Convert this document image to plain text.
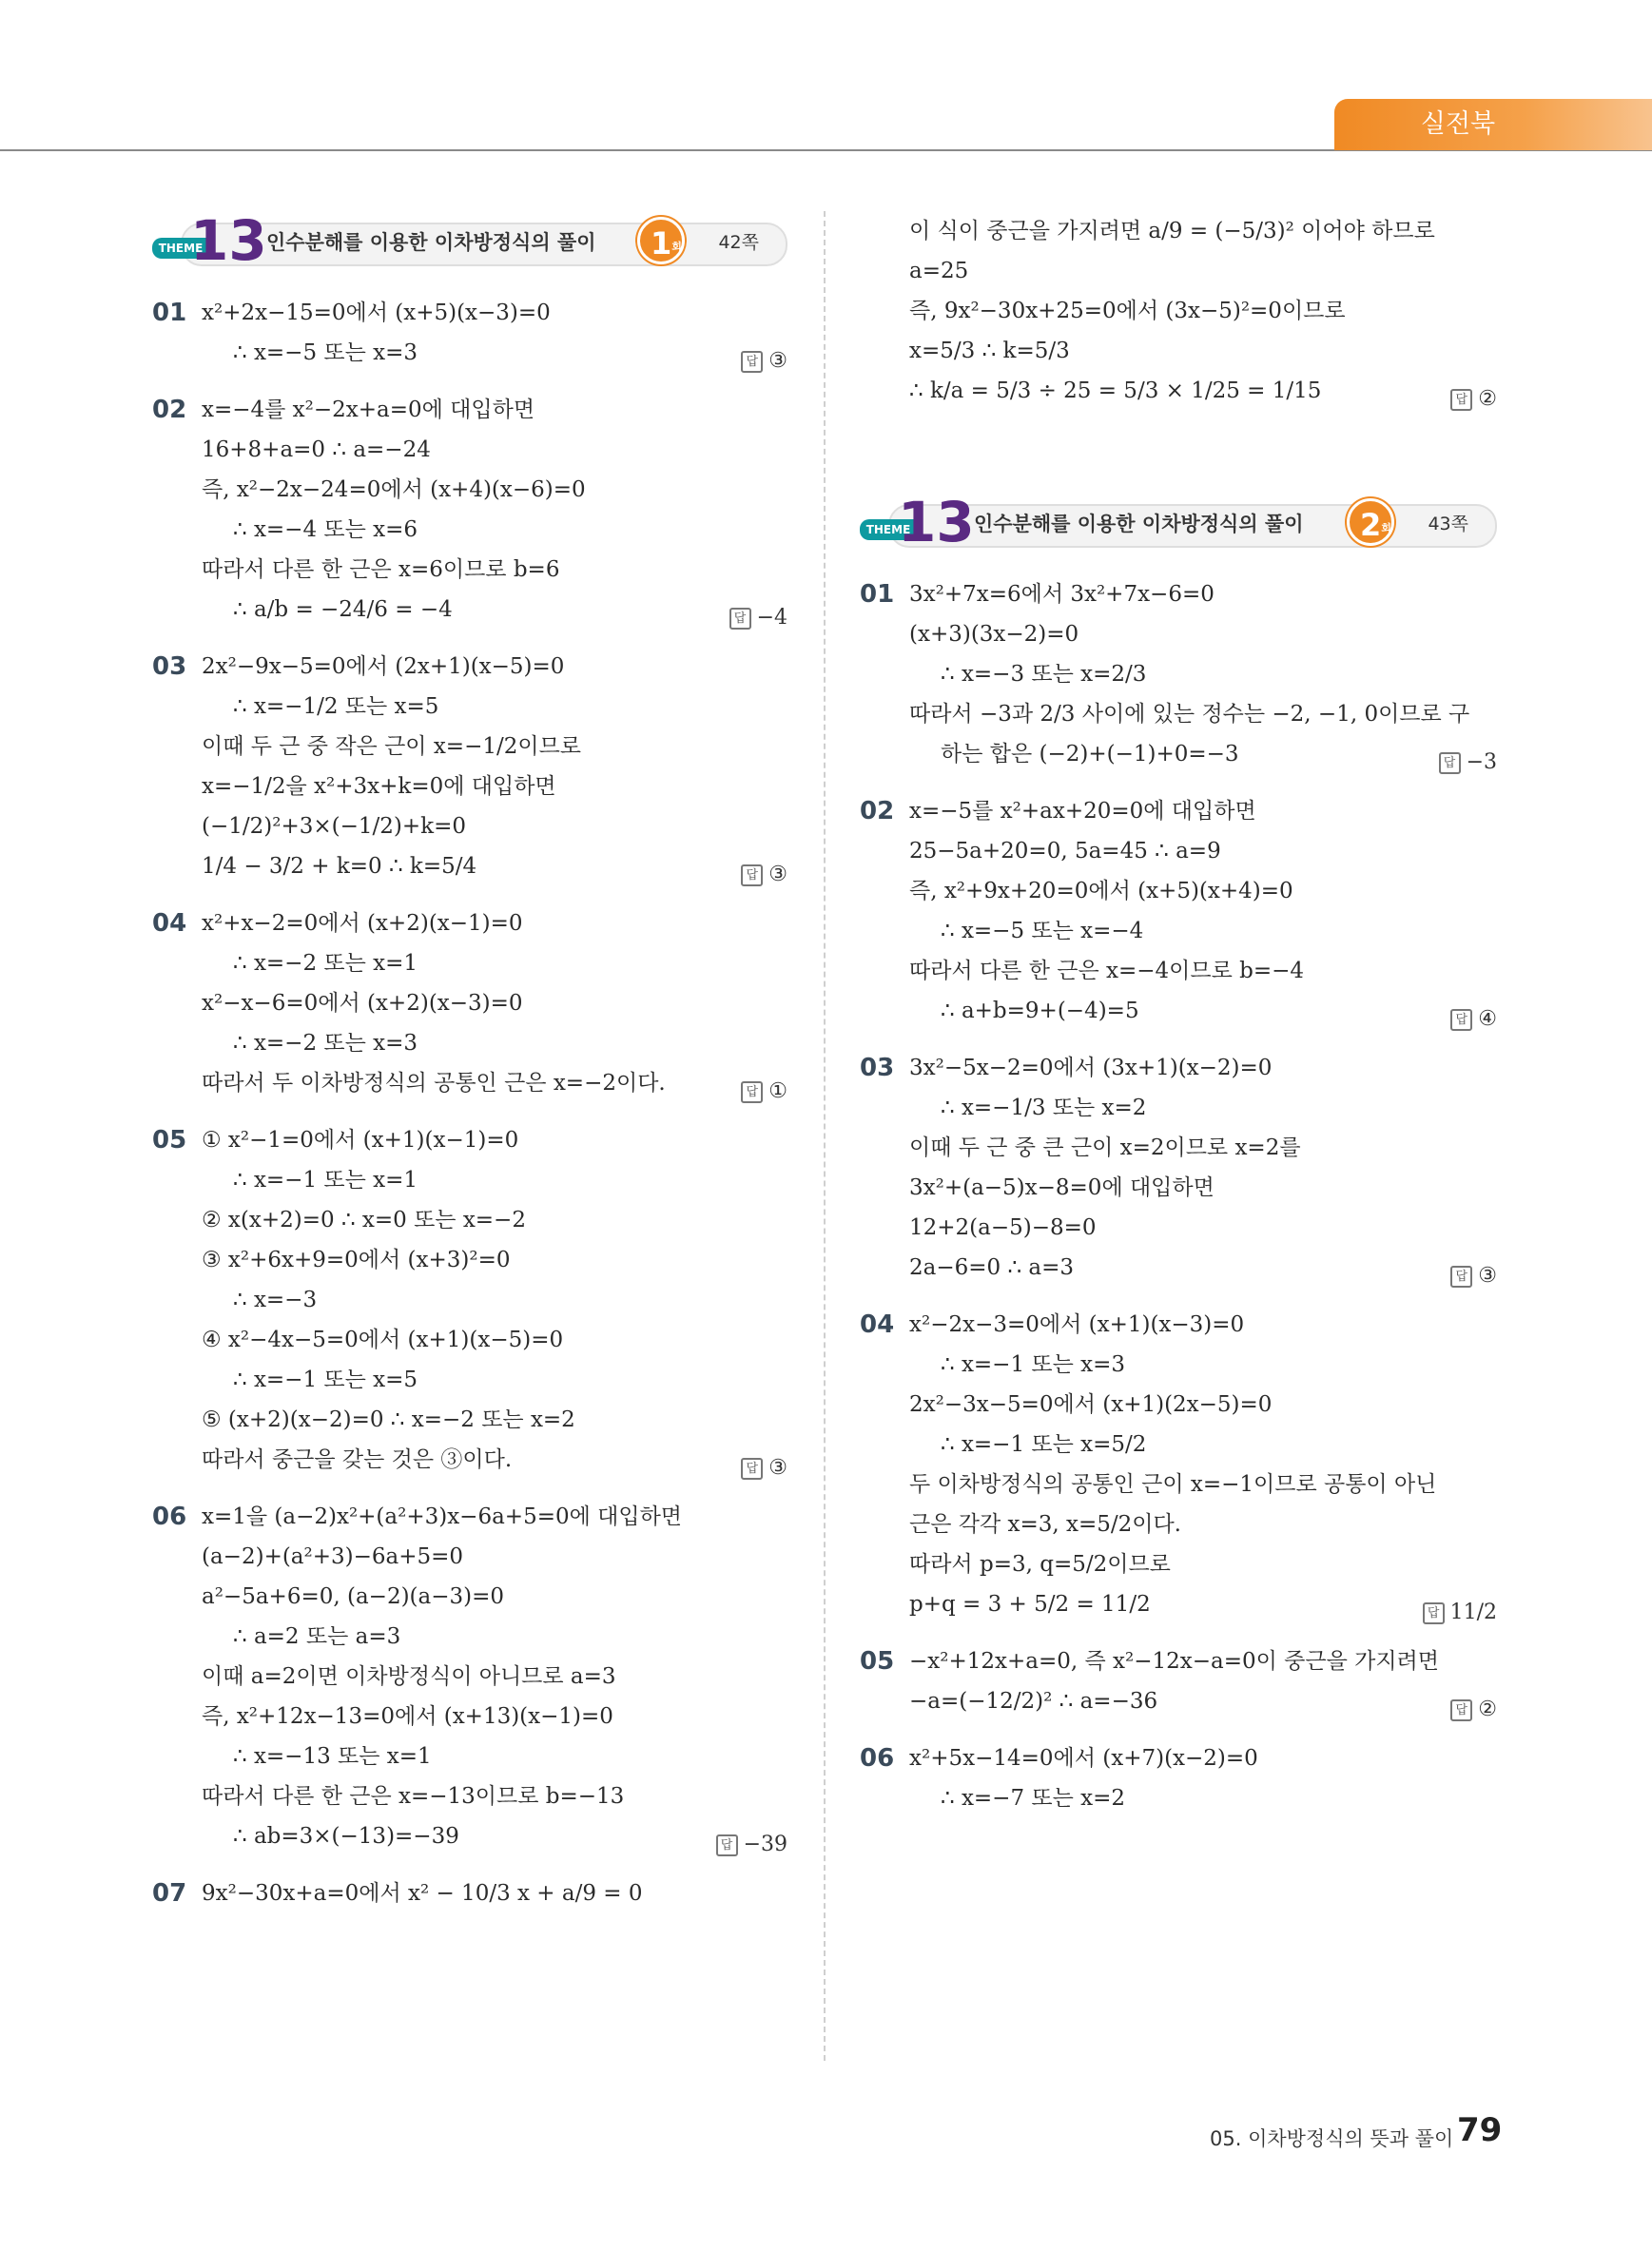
실전북
THEME
13 인수분해를 이용한 이차방정식의 풀이	1회 42쪽
01 x²+2x−15=0에서 (x+5)(x−3)=0
∴ x=−5 또는 x=3	답 ③
02 x=−4를 x²−2x+a=0에 대입하면
16+8+a=0 ∴ a=−24
즉, x²−2x−24=0에서 (x+4)(x−6)=0
∴ x=−4 또는 x=6
따라서 다른 한 근은 x=6이므로 b=6
∴ a/b = −24/6 = −4	답 −4
03 2x²−9x−5=0에서 (2x+1)(x−5)=0
∴ x=−1/2 또는 x=5
이때 두 근 중 작은 근이 x=−1/2이므로
x=−1/2을 x²+3x+k=0에 대입하면
(−1/2)²+3×(−1/2)+k=0
1/4 − 3/2 + k=0 ∴ k=5/4	답 ③
04 x²+x−2=0에서 (x+2)(x−1)=0
∴ x=−2 또는 x=1
x²−x−6=0에서 (x+2)(x−3)=0
∴ x=−2 또는 x=3
따라서 두 이차방정식의 공통인 근은 x=−2이다.	답 ①
05 ① x²−1=0에서 (x+1)(x−1)=0
∴ x=−1 또는 x=1
② x(x+2)=0 ∴ x=0 또는 x=−2
③ x²+6x+9=0에서 (x+3)²=0
∴ x=−3
④ x²−4x−5=0에서 (x+1)(x−5)=0
∴ x=−1 또는 x=5
⑤ (x+2)(x−2)=0 ∴ x=−2 또는 x=2
따라서 중근을 갖는 것은 ③이다.	답 ③
06 x=1을 (a−2)x²+(a²+3)x−6a+5=0에 대입하면
(a−2)+(a²+3)−6a+5=0
a²−5a+6=0, (a−2)(a−3)=0
∴ a=2 또는 a=3
이때 a=2이면 이차방정식이 아니므로 a=3
즉, x²+12x−13=0에서 (x+13)(x−1)=0
∴ x=−13 또는 x=1
따라서 다른 한 근은 x=−13이므로 b=−13
∴ ab=3×(−13)=−39	답 −39
07 9x²−30x+a=0에서 x² − 10/3 x + a/9 = 0
이 식이 중근을 가지려면 a/9 = (−5/3)² 이어야 하므로
a=25
즉, 9x²−30x+25=0에서 (3x−5)²=0이므로
x=5/3 ∴ k=5/3
∴ k/a = 5/3 ÷ 25 = 5/3 × 1/25 = 1/15	답 ②
THEME
13 인수분해를 이용한 이차방정식의 풀이	2회 43쪽
01 3x²+7x=6에서 3x²+7x−6=0
(x+3)(3x−2)=0
∴ x=−3 또는 x=2/3
따라서 −3과 2/3 사이에 있는 정수는 −2, −1, 0이므로 구
하는 합은 (−2)+(−1)+0=−3	답 −3
02 x=−5를 x²+ax+20=0에 대입하면
25−5a+20=0, 5a=45 ∴ a=9
즉, x²+9x+20=0에서 (x+5)(x+4)=0
∴ x=−5 또는 x=−4
따라서 다른 한 근은 x=−4이므로 b=−4
∴ a+b=9+(−4)=5	답 ④
03 3x²−5x−2=0에서 (3x+1)(x−2)=0
∴ x=−1/3 또는 x=2
이때 두 근 중 큰 근이 x=2이므로 x=2를
3x²+(a−5)x−8=0에 대입하면
12+2(a−5)−8=0
2a−6=0 ∴ a=3	답 ③
04 x²−2x−3=0에서 (x+1)(x−3)=0
∴ x=−1 또는 x=3
2x²−3x−5=0에서 (x+1)(2x−5)=0
∴ x=−1 또는 x=5/2
두 이차방정식의 공통인 근이 x=−1이므로 공통이 아닌
근은 각각 x=3, x=5/2이다.
따라서 p=3, q=5/2이므로
p+q = 3 + 5/2 = 11/2	답 11/2
05 −x²+12x+a=0, 즉 x²−12x−a=0이 중근을 가지려면
−a=(−12/2)² ∴ a=−36	답 ②
06 x²+5x−14=0에서 (x+7)(x−2)=0
∴ x=−7 또는 x=2
05. 이차방정식의 뜻과 풀이 79
